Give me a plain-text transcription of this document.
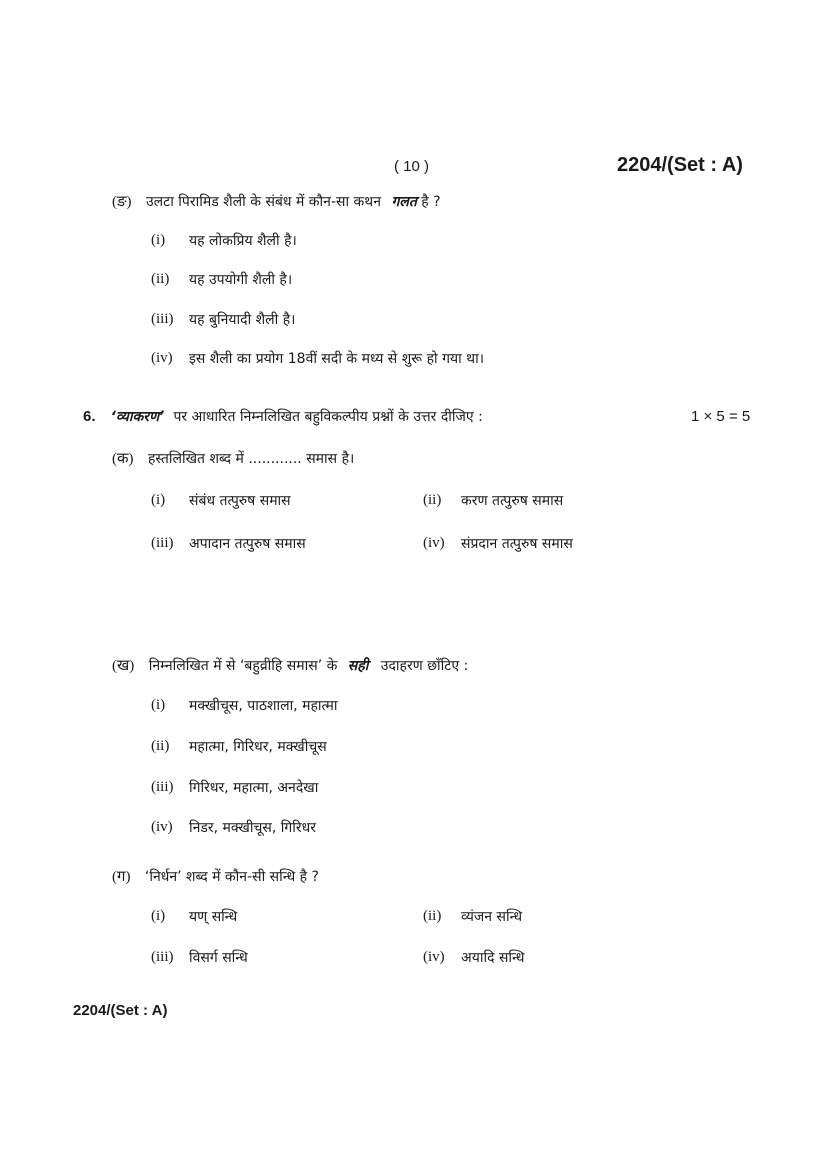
( 10 )	2204/(Set : A)
(ङ) उलटा पिरामिड शैली के संबंध में कौन-सा कथन गलत है ?
(i) यह लोकप्रिय शैली है।
(ii) यह उपयोगी शैली है।
(iii) यह बुनियादी शैली है।
(iv) इस शैली का प्रयोग 18वीं सदी के मध्य से शुरू हो गया था।
6. ‘व्याकरण’ पर आधारित निम्नलिखित बहुविकल्पीय प्रश्नों के उत्तर दीजिए :	1 × 5 = 5
(क) हस्तलिखित शब्द में ............ समास है।
(i) संबंध तत्पुरुष समास	(ii) करण तत्पुरुष समास
(iii) अपादान तत्पुरुष समास	(iv) संप्रदान तत्पुरुष समास
(ख) निम्नलिखित में से ‘बहुव्रीहि समास’ के सही उदाहरण छाँटिए :
(i) मक्खीचूस, पाठशाला, महात्मा
(ii) महात्मा, गिरिधर, मक्खीचूस
(iii) गिरिधर, महात्मा, अनदेखा
(iv) निडर, मक्खीचूस, गिरिधर
(ग) ‘निर्धन’ शब्द में कौन-सी सन्धि है ?
(i) यण् सन्धि	(ii) व्यंजन सन्धि
(iii) विसर्ग सन्धि	(iv) अयादि सन्धि
2204/(Set : A)
